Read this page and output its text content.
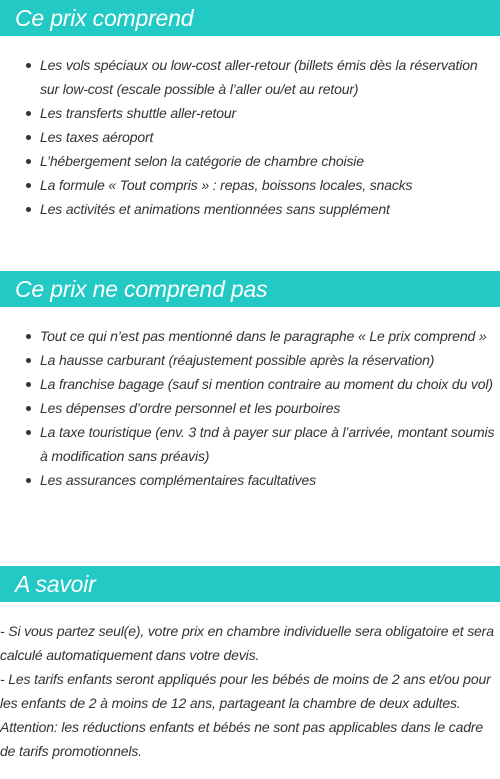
Ce prix comprend
Les vols spéciaux ou low-cost aller-retour (billets émis dès la réservation sur low-cost (escale possible à l’aller ou/et au retour)
Les transferts shuttle aller-retour
Les taxes aéroport
L’hébergement selon la catégorie de chambre choisie
La formule « Tout compris » : repas, boissons locales, snacks
Les activités et animations mentionnées sans supplément
Ce prix ne comprend pas
Tout ce qui n’est pas mentionné dans le paragraphe « Le prix comprend »
La hausse carburant (réajustement possible après la réservation)
La franchise bagage (sauf si mention contraire au moment du choix du vol)
Les dépenses d’ordre personnel et les pourboires
La taxe touristique (env. 3 tnd à payer sur place à l’arrivée, montant soumis à modification sans préavis)
Les assurances complémentaires facultatives
A savoir

- Si vous partez seul(e), votre prix en chambre individuelle sera obligatoire et sera calculé automatiquement dans votre devis.

- Les tarifs enfants seront appliqués pour les bébés de moins de 2 ans et/ou pour les enfants de 2 à moins de 12 ans, partageant la chambre de deux adultes.

Attention: les réductions enfants et bébés ne sont pas applicables dans le cadre de tarifs promotionnels.
